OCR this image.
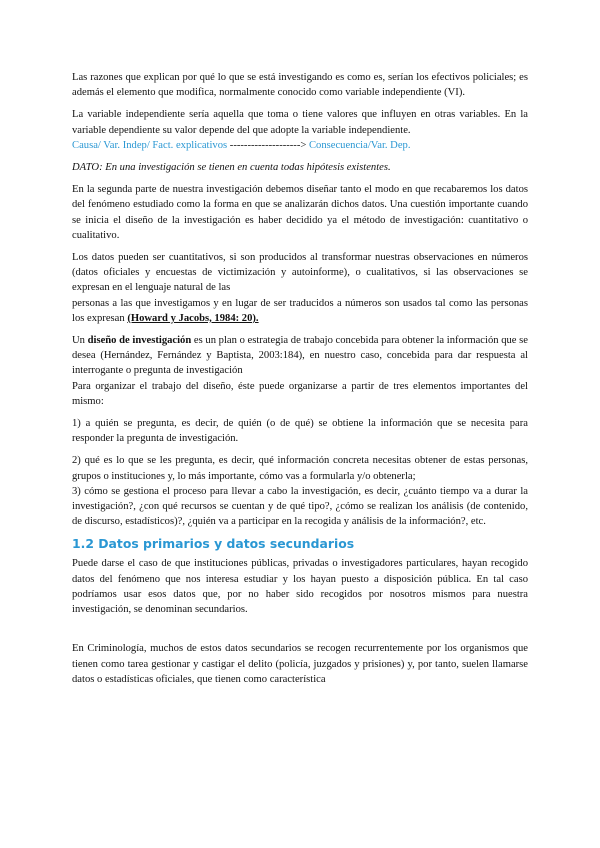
Las razones que explican por qué lo que se está investigando es como es, serían los efectivos policiales; es además el elemento que modifica, normalmente conocido como variable independiente (VI).

La variable independiente sería aquella que toma o tiene valores que influyen en otras variables. En la variable dependiente su valor depende del que adopte la variable independiente.

Causa/ Var. Indep/ Fact. explicativos --------------------> Consecuencia/Var. Dep.

DATO: En una investigación se tienen en cuenta todas hipótesis existentes.

En la segunda parte de nuestra investigación debemos diseñar tanto el modo en que recabaremos los datos del fenómeno estudiado como la forma en que se analizarán dichos datos. Una cuestión importante cuando se inicia el diseño de la investigación es haber decidido ya el método de investigación: cuantitativo o cualitativo.

Los datos pueden ser cuantitativos, si son producidos al transformar nuestras observaciones en números (datos oficiales y encuestas de victimización y autoinforme), o cualitativos, si las observaciones se expresan en el lenguaje natural de las

personas a las que investigamos y en lugar de ser traducidos a números son usados tal como las personas los expresan (Howard y Jacobs, 1984: 20).

Un diseño de investigación es un plan o estrategia de trabajo concebida para obtener la información que se desea (Hernández, Fernández y Baptista, 2003:184), en nuestro caso, concebida para dar respuesta al interrogante o pregunta de investigación

Para organizar el trabajo del diseño, éste puede organizarse a partir de tres elementos importantes del mismo:

1) a quién se pregunta, es decir, de quién (o de qué) se obtiene la información que se necesita para responder la pregunta de investigación.

2) qué es lo que se les pregunta, es decir, qué información concreta necesitas obtener de estas personas, grupos o instituciones y, lo más importante, cómo vas a formularla y/o obtenerla;

3) cómo se gestiona el proceso para llevar a cabo la investigación, es decir, ¿cuánto tiempo va a durar la investigación?, ¿con qué recursos se cuentan y de qué tipo?, ¿cómo se realizan los análisis (de contenido, de discurso, estadísticos)?, ¿quién va a participar en la recogida y análisis de la información?, etc.

1.2 Datos primarios y datos secundarios

Puede darse el caso de que instituciones públicas, privadas o investigadores particulares, hayan recogido datos del fenómeno que nos interesa estudiar y los hayan puesto a disposición pública. En tal caso podríamos usar esos datos que, por no haber sido recogidos por nosotros mismos para nuestra investigación, se denominan secundarios.

En Criminología, muchos de estos datos secundarios se recogen recurrentemente por los organismos que tienen como tarea gestionar y castigar el delito (policía, juzgados y prisiones) y, por tanto, suelen llamarse datos o estadísticas oficiales, que tienen como característica
